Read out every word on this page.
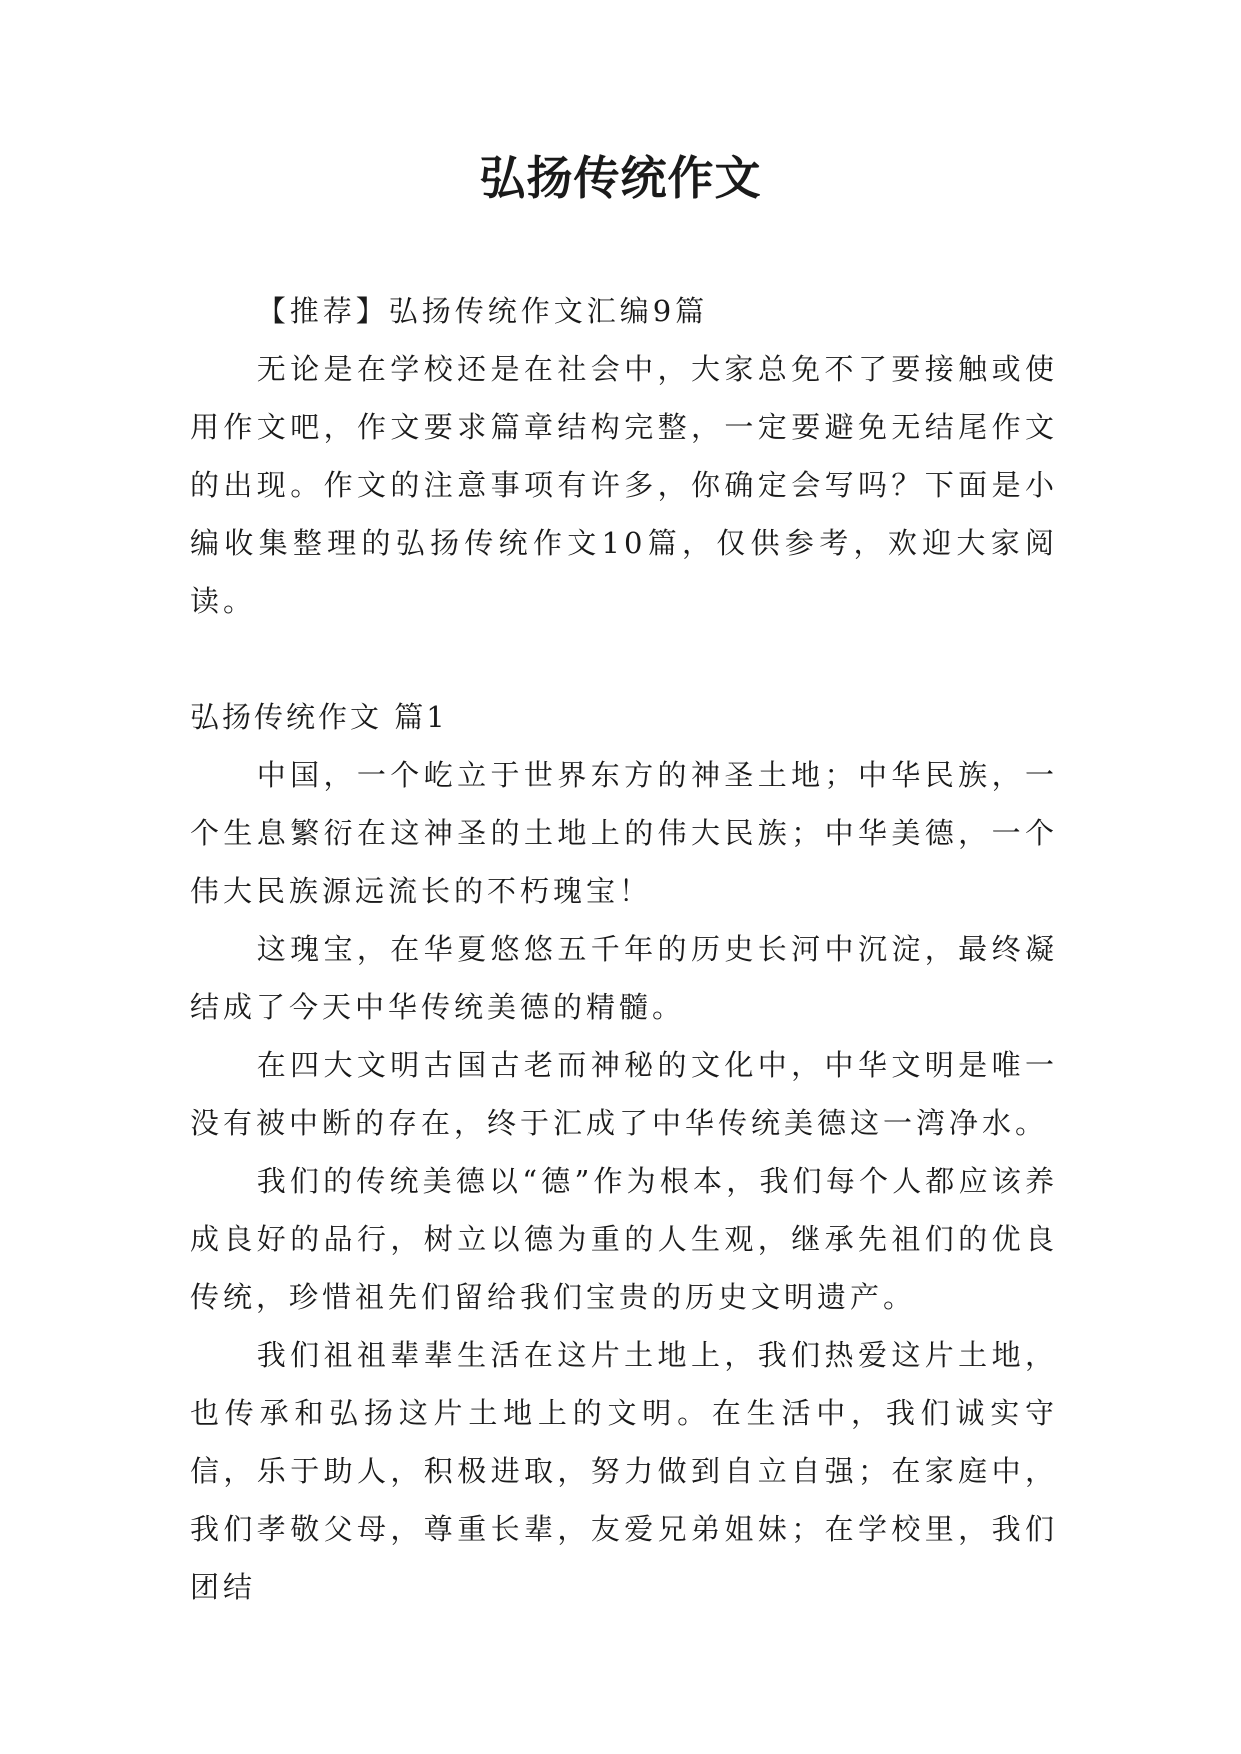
弘扬传统作文

【推荐】弘扬传统作文汇编9篇

无论是在学校还是在社会中，大家总免不了要接触或使用作文吧，作文要求篇章结构完整，一定要避免无结尾作文的出现。作文的注意事项有许多，你确定会写吗？下面是小编收集整理的弘扬传统作文10篇，仅供参考，欢迎大家阅读。

弘扬传统作文 篇1

中国，一个屹立于世界东方的神圣土地；中华民族，一个生息繁衍在这神圣的土地上的伟大民族；中华美德，一个伟大民族源远流长的不朽瑰宝！

这瑰宝，在华夏悠悠五千年的历史长河中沉淀，最终凝结成了今天中华传统美德的精髓。

在四大文明古国古老而神秘的文化中，中华文明是唯一没有被中断的存在，终于汇成了中华传统美德这一湾净水。

我们的传统美德以“德”作为根本，我们每个人都应该养成良好的品行，树立以德为重的人生观，继承先祖们的优良传统，珍惜祖先们留给我们宝贵的历史文明遗产。

我们祖祖辈辈生活在这片土地上，我们热爱这片土地，也传承和弘扬这片土地上的文明。在生活中，我们诚实守信，乐于助人，积极进取，努力做到自立自强；在家庭中，我们孝敬父母，尊重长辈，友爱兄弟姐妹；在学校里，我们团结
